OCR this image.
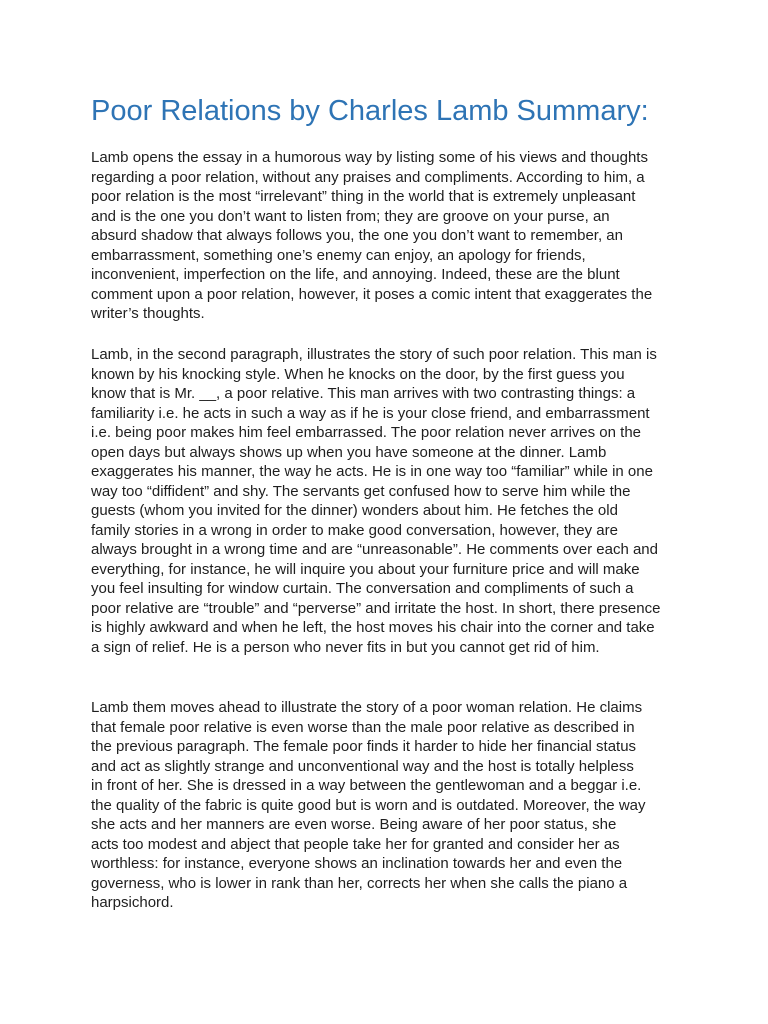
Poor Relations by Charles Lamb Summary:

Lamb opens the essay in a humorous way by listing some of his views and thoughts regarding a poor relation, without any praises and compliments. According to him, a poor relation is the most “irrelevant” thing in the world that is extremely unpleasant and is the one you don’t want to listen from; they are groove on your purse, an absurd shadow that always follows you, the one you don’t want to remember, an embarrassment, something one’s enemy can enjoy, an apology for friends, inconvenient, imperfection on the life, and annoying. Indeed, these are the blunt comment upon a poor relation, however, it poses a comic intent that exaggerates the writer’s thoughts.

Lamb, in the second paragraph, illustrates the story of such poor relation. This man is known by his knocking style. When he knocks on the door, by the first guess you know that is Mr. __, a poor relative. This man arrives with two contrasting things: a familiarity i.e. he acts in such a way as if he is your close friend, and embarrassment i.e. being poor makes him feel embarrassed. The poor relation never arrives on the open days but always shows up when you have someone at the dinner. Lamb exaggerates his manner, the way he acts. He is in one way too “familiar” while in one way too “diffident” and shy. The servants get confused how to serve him while the guests (whom you invited for the dinner) wonders about him. He fetches the old family stories in a wrong in order to make good conversation, however, they are always brought in a wrong time and are “unreasonable”. He comments over each and everything, for instance, he will inquire you about your furniture price and will make you feel insulting for window curtain. The conversation and compliments of such a poor relative are “trouble” and “perverse” and irritate the host. In short, there presence is highly awkward and when he left, the host moves his chair into the corner and take a sign of relief. He is a person who never fits in but you cannot get rid of him.

Lamb them moves ahead to illustrate the story of a poor woman relation. He claims that female poor relative is even worse than the male poor relative as described in the previous paragraph. The female poor finds it harder to hide her financial status and act as slightly strange and unconventional way and the host is totally helpless in front of her. She is dressed in a way between the gentlewoman and a beggar i.e. the quality of the fabric is quite good but is worn and is outdated. Moreover, the way she acts and her manners are even worse. Being aware of her poor status, she acts too modest and abject that people take her for granted and consider her as worthless: for instance, everyone shows an inclination towards her and even the governess, who is lower in rank than her, corrects her when she calls the piano a harpsichord.
